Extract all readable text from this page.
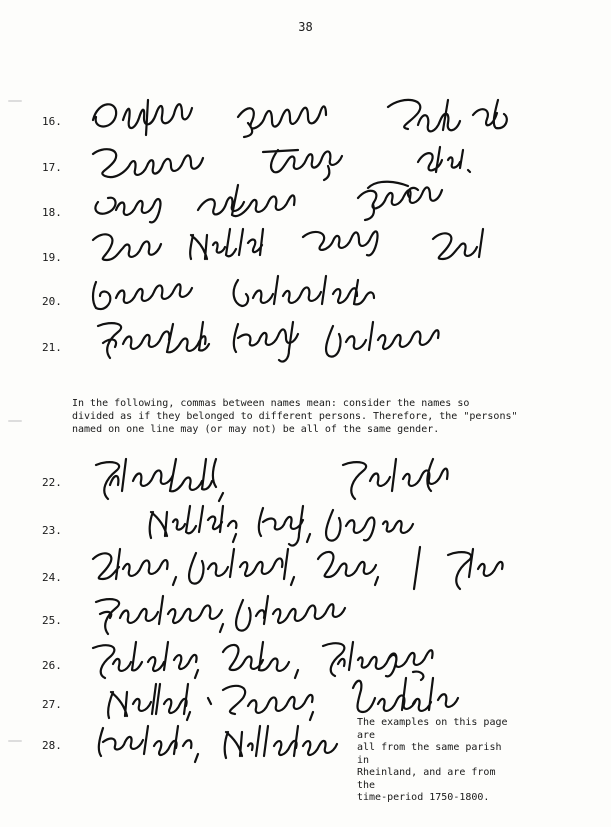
38
16.
17.
18.
19.
20.
21.
22.
23.
24.
25.
26.
27.
28.
In the following, commas between names mean: consider the names so
divided as if they belonged to different persons. Therefore, the "persons"
named on one line may (or may not) be all of the same gender.
The examples on this page are
all from the same parish in
Rheinland, and are from the
time-period 1750-1800.
